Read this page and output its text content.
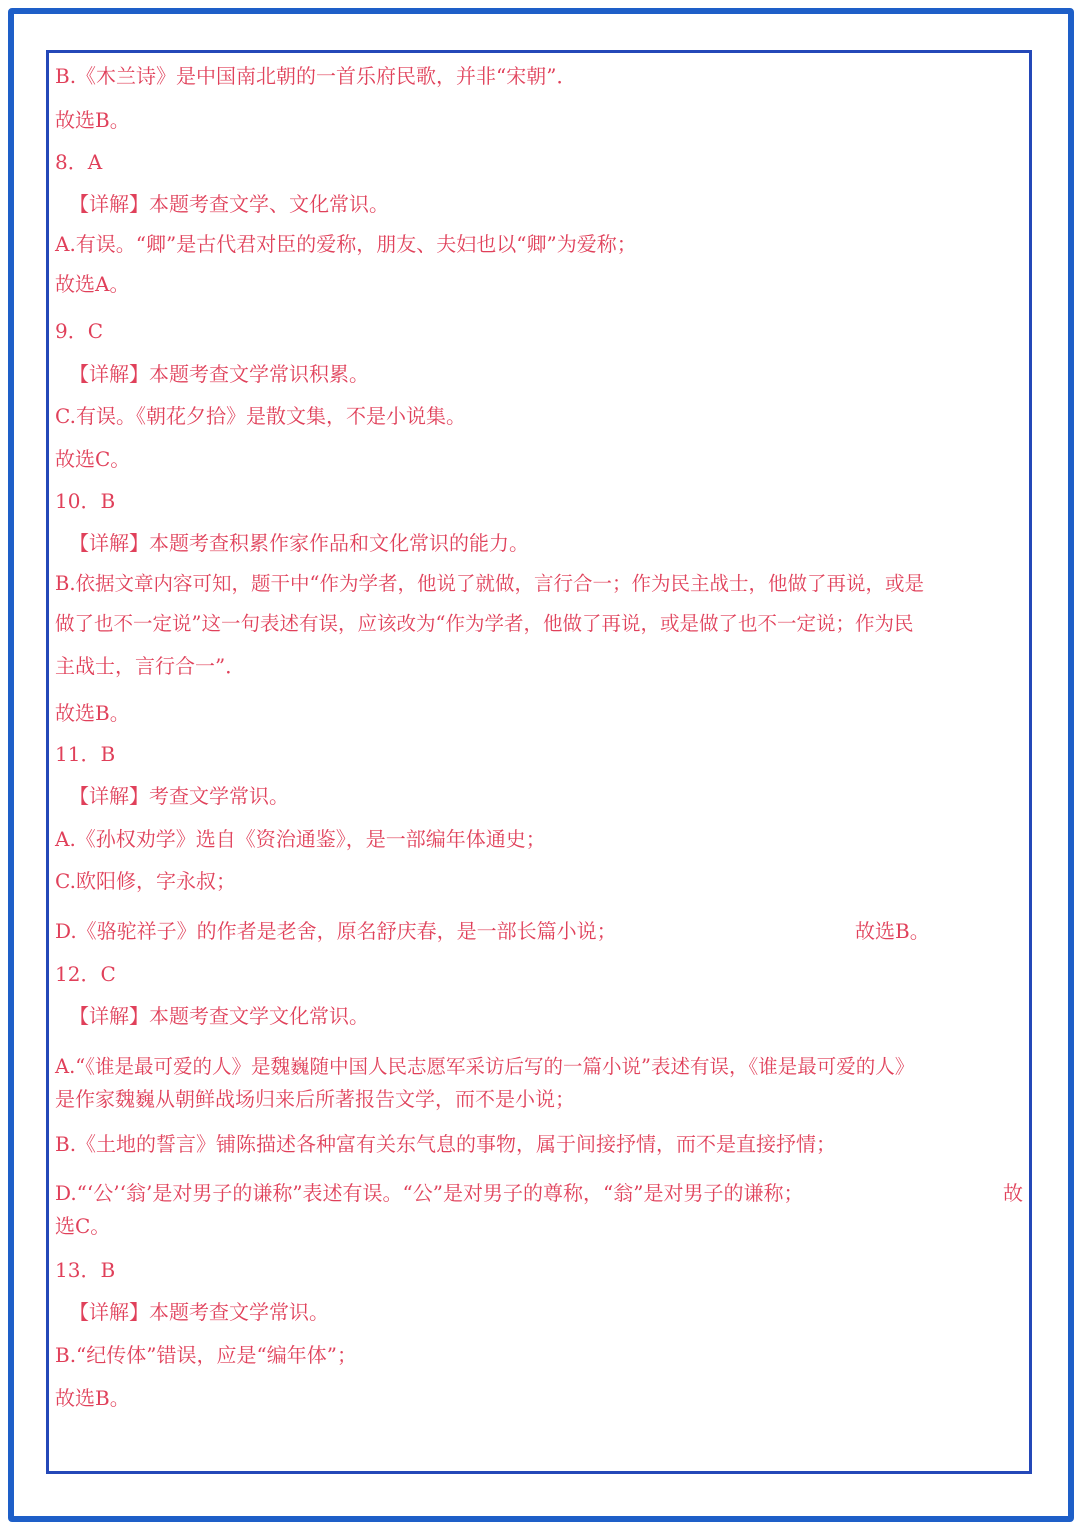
B.《木兰诗》是中国南北朝的一首乐府民歌，并非“宋朝”．
故选B。
8．A
【详解】本题考查文学、文化常识。
A.有误。“卿”是古代君对臣的爱称，朋友、夫妇也以“卿”为爱称；
故选A。
9．C
【详解】本题考查文学常识积累。
C.有误。《朝花夕拾》是散文集，不是小说集。
故选C。
10．B
【详解】本题考查积累作家作品和文化常识的能力。
B.依据文章内容可知，题干中“作为学者，他说了就做，言行合一；作为民主战士，他做了再说，或是
做了也不一定说”这一句表述有误，应该改为“作为学者，他做了再说，或是做了也不一定说；作为民
主战士，言行合一”．
故选B。
11．B
【详解】考查文学常识。
A.《孙权劝学》选自《资治通鉴》，是一部编年体通史；
C.欧阳修，字永叔；
D.《骆驼祥子》的作者是老舍，原名舒庆春，是一部长篇小说；	故选B。
12．C
【详解】本题考查文学文化常识。
A.“《谁是最可爱的人》是魏巍随中国人民志愿军采访后写的一篇小说”表述有误，《谁是最可爱的人》
是作家魏巍从朝鲜战场归来后所著报告文学，而不是小说；
B.《土地的誓言》铺陈描述各种富有关东气息的事物，属于间接抒情，而不是直接抒情；
D.“‘公’‘翁’是对男子的谦称”表述有误。“公”是对男子的尊称，“翁”是对男子的谦称；	故
选C。
13．B
【详解】本题考查文学常识。
B.“纪传体”错误，应是“编年体”；
故选B。
